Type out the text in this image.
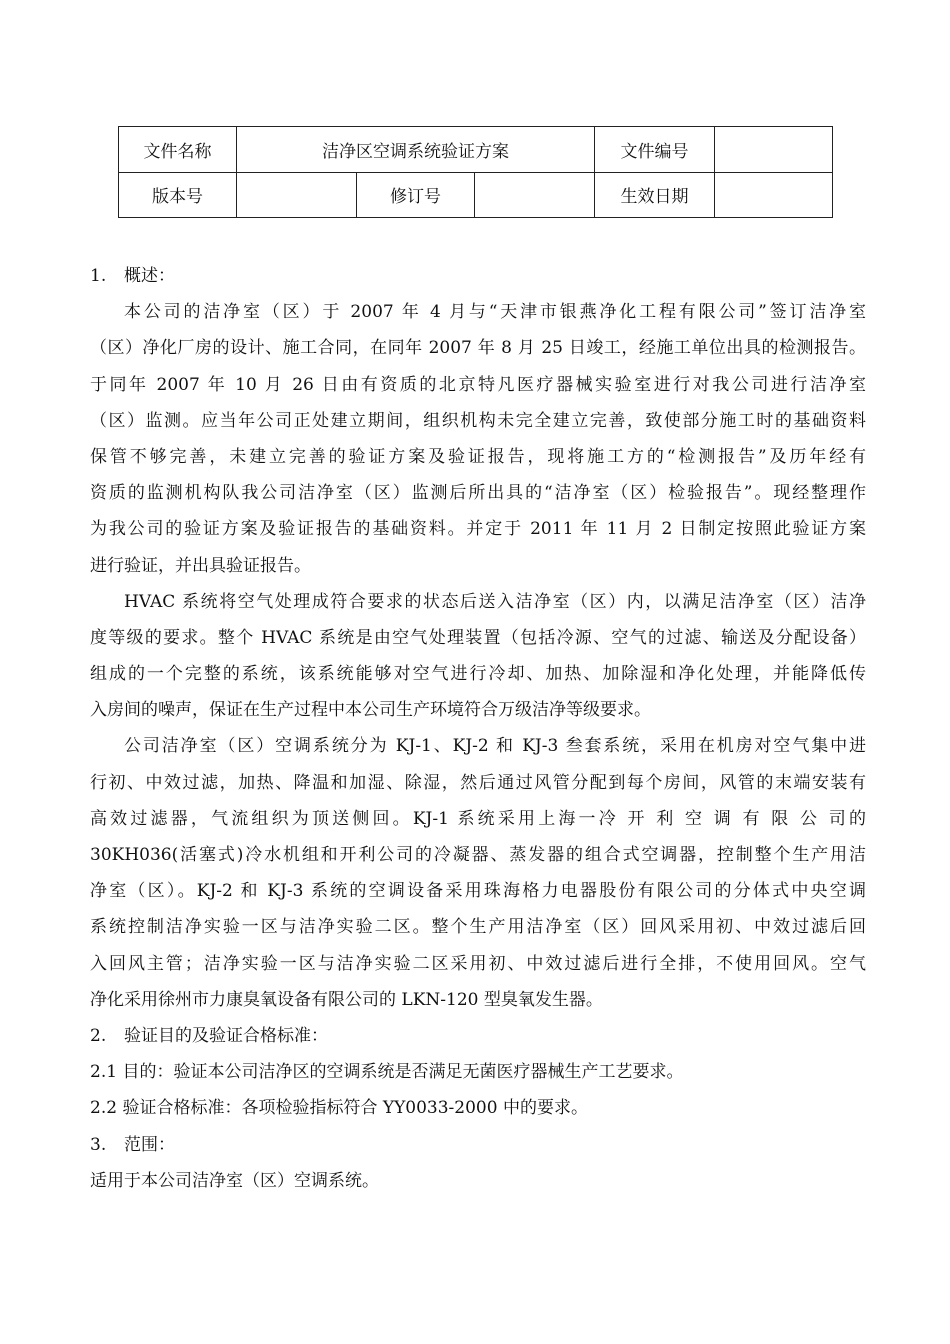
文件名称	洁净区空调系统验证方案			文件编号	
版本号		修订号		生效日期	
1. 概述：
本公司的洁净室（区）于 2007 年 4 月与“天津市银燕净化工程有限公司”签订洁净室
（区）净化厂房的设计、施工合同，在同年 2007 年 8 月 25 日竣工，经施工单位出具的检测报告。
于同年 2007 年 10 月 26 日由有资质的北京特凡医疗器械实验室进行对我公司进行洁净室
（区）监测。应当年公司正处建立期间，组织机构未完全建立完善，致使部分施工时的基础资料
保管不够完善，未建立完善的验证方案及验证报告，现将施工方的“检测报告”及历年经有
资质的监测机构队我公司洁净室（区）监测后所出具的“洁净室（区）检验报告”。现经整理作
为我公司的验证方案及验证报告的基础资料。并定于 2011 年 11 月 2 日制定按照此验证方案
进行验证，并出具验证报告。
HVAC 系统将空气处理成符合要求的状态后送入洁净室（区）内，以满足洁净室（区）洁净
度等级的要求。整个 HVAC 系统是由空气处理装置（包括冷源、空气的过滤、输送及分配设备）
组成的一个完整的系统，该系统能够对空气进行冷却、加热、加除湿和净化处理，并能降低传
入房间的噪声，保证在生产过程中本公司生产环境符合万级洁净等级要求。
公司洁净室（区）空调系统分为 KJ-1、KJ-2 和 KJ-3 叁套系统，采用在机房对空气集中进
行初、中效过滤，加热、降温和加湿、除湿，然后通过风管分配到每个房间，风管的末端安装有
高效过滤器，气流组织为顶送侧回。KJ-1 系统采用上海一冷 开 利 空 调 有 限 公 司的
30KH036(活塞式)冷水机组和开利公司的冷凝器、蒸发器的组合式空调器，控制整个生产用洁
净室（区）。KJ-2 和 KJ-3 系统的空调设备采用珠海格力电器股份有限公司的分体式中央空调
系统控制洁净实验一区与洁净实验二区。整个生产用洁净室（区）回风采用初、中效过滤后回
入回风主管；洁净实验一区与洁净实验二区采用初、中效过滤后进行全排，不使用回风。空气
净化采用徐州市力康臭氧设备有限公司的 LKN-120 型臭氧发生器。
2. 验证目的及验证合格标准：
2.1 目的：验证本公司洁净区的空调系统是否满足无菌医疗器械生产工艺要求。
2.2 验证合格标准：各项检验指标符合 YY0033-2000 中的要求。
3. 范围：
适用于本公司洁净室（区）空调系统。
